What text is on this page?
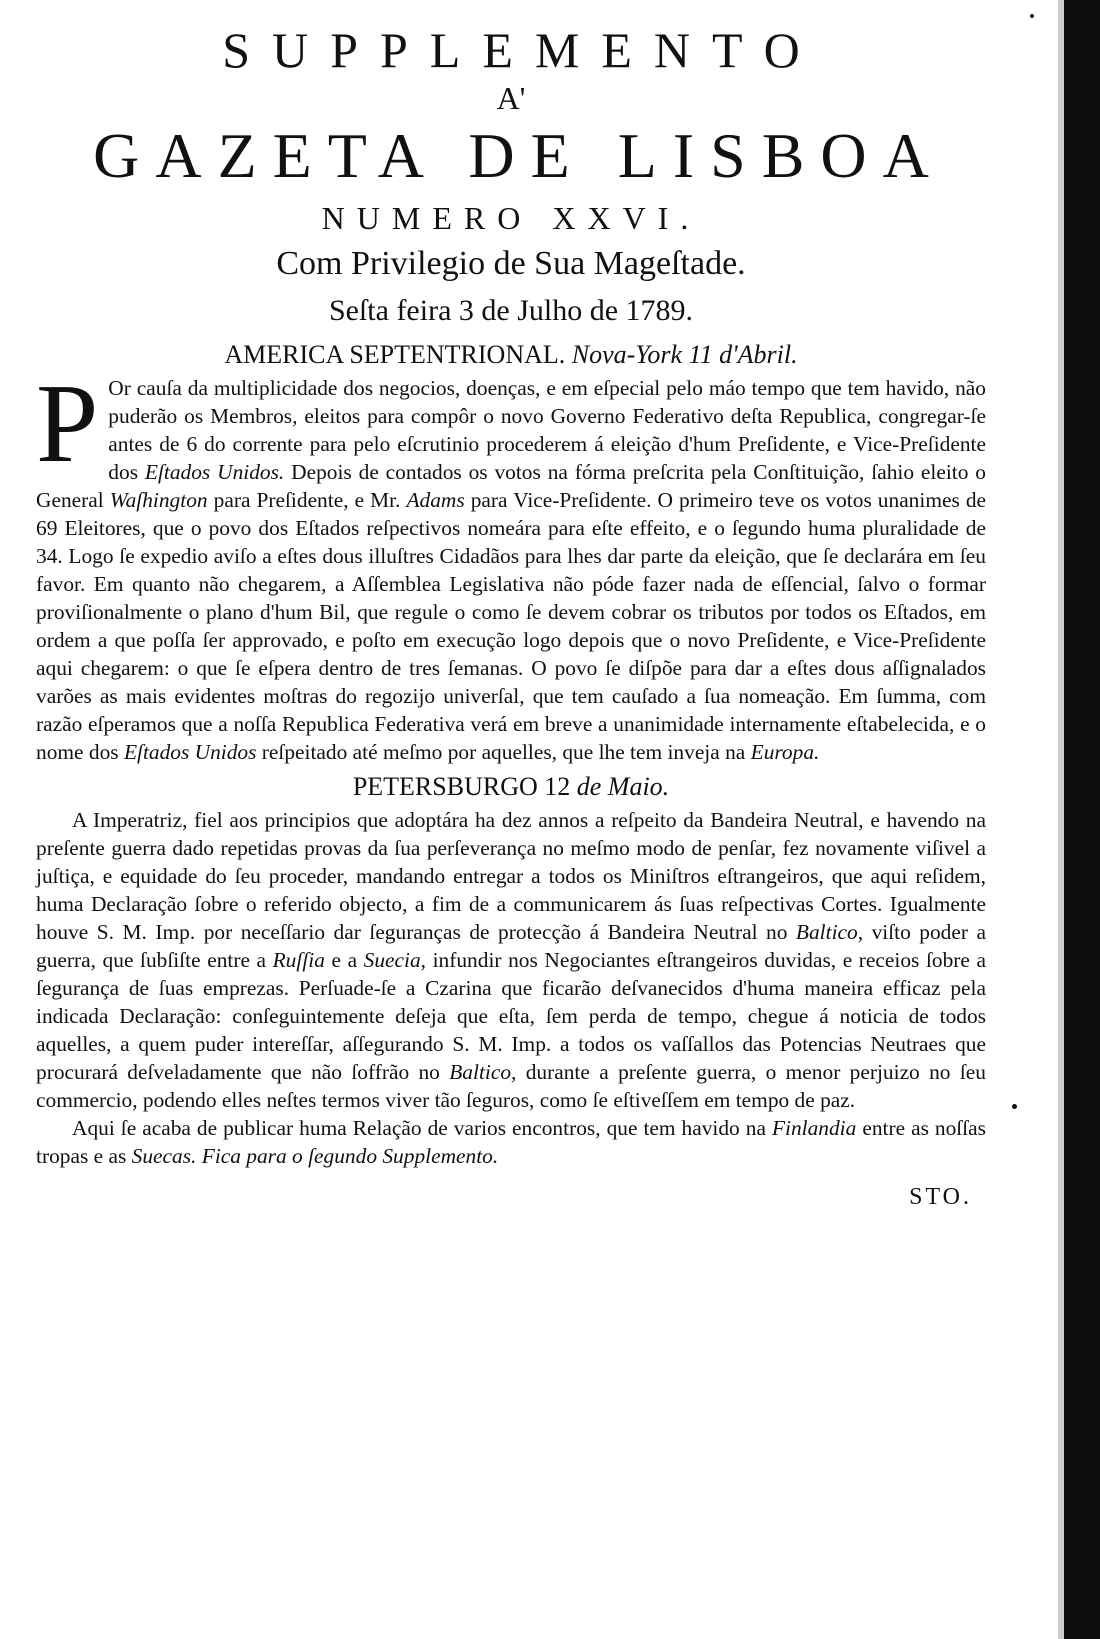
SUPPLEMENTO
A'
GAZETA DE LISBOA
NUMERO XXVI.
Com Privilegio de Sua Mageſtade.
Seſta feira 3 de Julho de 1789.
AMERICA SEPTENTRIONAL. Nova-York 11 d'Abril.

P Or cauſa da multiplicidade dos negocios, doenças, e em eſpecial pelo máo tempo que tem havido, não puderão os Membros, eleitos para compôr o novo Governo Federativo deſta Republica, congregar-ſe antes de 6 do corrente para pelo eſcrutinio procederem á eleição d'hum Preſidente, e Vice-Preſidente dos Eſtados Unidos. Depois de contados os votos na fórma preſcrita pela Conſtituição, ſahio eleito o General Waſhington para Preſidente, e Mr. Adams para Vice-Preſidente. O primeiro teve os votos unanimes de 69 Eleitores, que o povo dos Eſtados reſpectivos nomeára para eſte effeito, e o ſegundo huma pluralidade de 34. Logo ſe expedio aviſo a eſtes dous illuſtres Cidadãos para lhes dar parte da eleição, que ſe declarára em ſeu favor. Em quanto não chegarem, a Aſſemblea Legislativa não póde fazer nada de eſſencial, ſalvo o formar proviſionalmente o plano d'hum Bil, que regule o como ſe devem cobrar os tributos por todos os Eſtados, em ordem a que poſſa ſer approvado, e poſto em execução logo depois que o novo Preſidente, e Vice-Preſidente aqui chegarem: o que ſe eſpera dentro de tres ſemanas. O povo ſe diſpõe para dar a eſtes dous aſſignalados varões as mais evidentes moſtras do regozijo univerſal, que tem cauſado a ſua nomeação. Em ſumma, com razão eſperamos que a noſſa Republica Federativa verá em breve a unanimidade internamente eſtabelecida, e o nome dos Eſtados Unidos reſpeitado até meſmo por aquelles, que lhe tem inveja na Europa.

PETERSBURGO 12 de Maio.

A Imperatriz, fiel aos principios que adoptára ha dez annos a reſpeito da Bandeira Neutral, e havendo na preſente guerra dado repetidas provas da ſua perſeverança no meſmo modo de penſar, fez novamente viſivel a juſtiça, e equidade do ſeu proceder, mandando entregar a todos os Miniſtros eſtrangeiros, que aqui reſidem, huma Declaração ſobre o referido objecto, a fim de a communicarem ás ſuas reſpectivas Cortes. Igualmente houve S. M. Imp. por neceſſario dar ſeguranças de protecção á Bandeira Neutral no Baltico, viſto poder a guerra, que ſubſiſte entre a Ruſſia e a Suecia, infundir nos Negociantes eſtrangeiros duvidas, e receios ſobre a ſegurança de ſuas emprezas. Perſuade-ſe a Czarina que ficarão deſvanecidos d'huma maneira efficaz pela indicada Declaração: conſeguintemente deſeja que eſta, ſem perda de tempo, chegue á noticia de todos aquelles, a quem puder intereſſar, aſſegurando S. M. Imp. a todos os vaſſallos das Potencias Neutraes que procurará deſveladamente que não ſoffrão no Baltico, durante a preſente guerra, o menor perjuizo no ſeu commercio, podendo elles neſtes termos viver tão ſeguros, como ſe eſtiveſſem em tempo de paz.

Aqui ſe acaba de publicar huma Relação de varios encontros, que tem havido na Finlandia entre as noſſas tropas e as Suecas. Fica para o ſegundo Supplemento.

STO.
